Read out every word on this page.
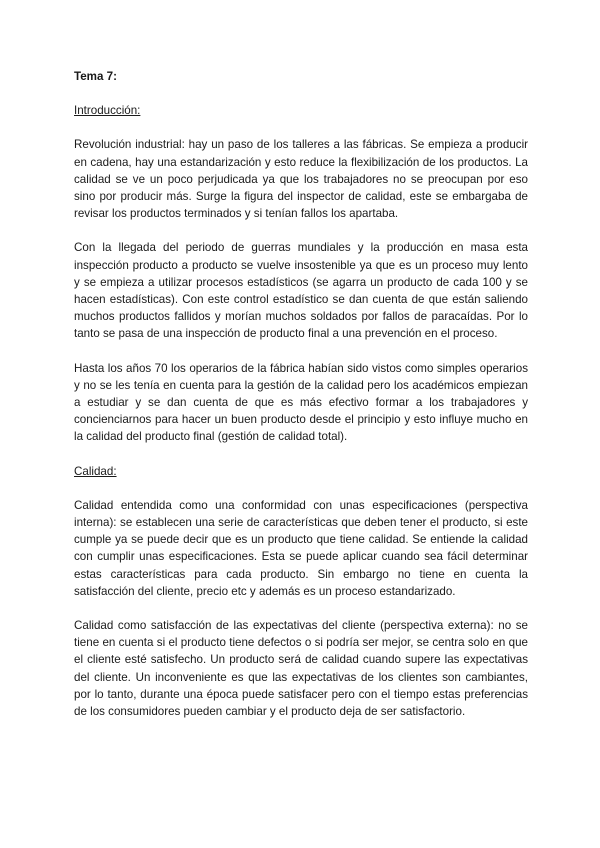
Tema 7:
Introducción:

Revolución industrial: hay un paso de los talleres a las fábricas. Se empieza a producir en cadena, hay una estandarización y esto reduce la flexibilización de los productos. La calidad se ve un poco perjudicada ya que los trabajadores no se preocupan por eso sino por producir más. Surge la figura del inspector de calidad, este se embargaba de revisar los productos terminados y si tenían fallos los apartaba.

Con la llegada del periodo de guerras mundiales y la producción en masa esta inspección producto a producto se vuelve insostenible ya que es un proceso muy lento y se empieza a utilizar procesos estadísticos (se agarra un producto de cada 100 y se hacen estadísticas). Con este control estadístico se dan cuenta de que están saliendo muchos productos fallidos y morían muchos soldados por fallos de paracaídas. Por lo tanto se pasa de una inspección de producto final a una prevención en el proceso.

Hasta los años 70 los operarios de la fábrica habían sido vistos como simples operarios y no se les tenía en cuenta para la gestión de la calidad pero los académicos empiezan a estudiar y se dan cuenta de que es más efectivo formar a los trabajadores y concienciarnos para hacer un buen producto desde el principio y esto influye mucho en la calidad del producto final (gestión de calidad total).

Calidad:

Calidad entendida como una conformidad con unas especificaciones (perspectiva interna): se establecen una serie de características que deben tener el producto, si este cumple ya se puede decir que es un producto que tiene calidad. Se entiende la calidad con cumplir unas especificaciones. Esta se puede aplicar cuando sea fácil determinar estas características para cada producto. Sin embargo no tiene en cuenta la satisfacción del cliente, precio etc y además es un proceso estandarizado.

Calidad como satisfacción de las expectativas del cliente (perspectiva externa): no se tiene en cuenta si el producto tiene defectos o si podría ser mejor, se centra solo en que el cliente esté satisfecho. Un producto será de calidad cuando supere las expectativas del cliente. Un inconveniente es que las expectativas de los clientes son cambiantes, por lo tanto, durante una época puede satisfacer pero con el tiempo estas preferencias de los consumidores pueden cambiar y el producto deja de ser satisfactorio.
